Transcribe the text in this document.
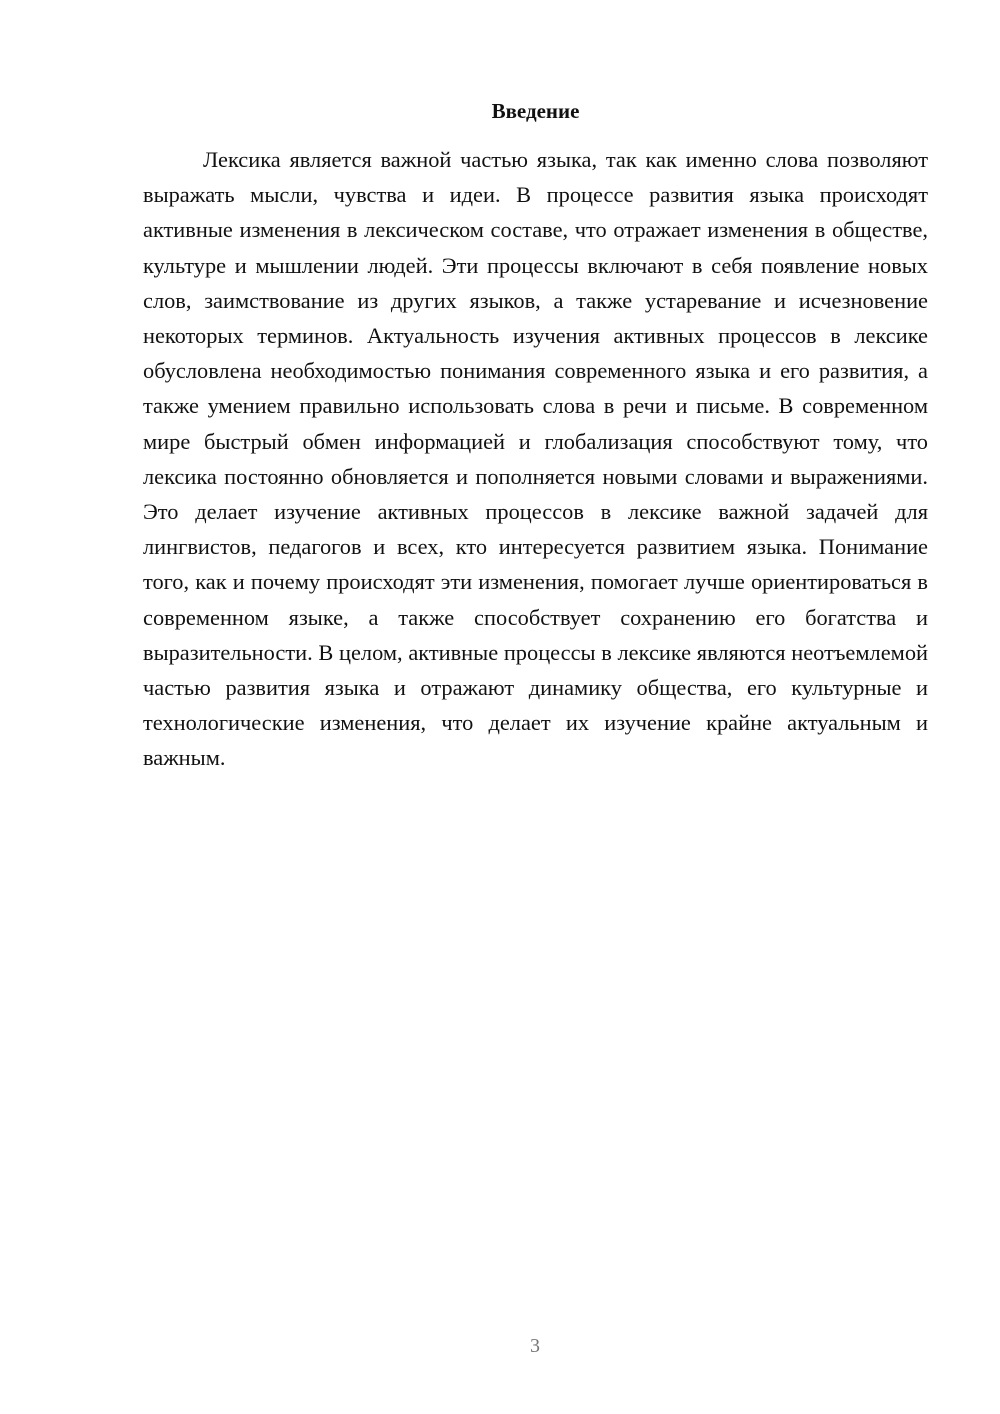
Введение

Лексика является важной частью языка, так как именно слова позволяют выражать мысли, чувства и идеи. В процессе развития языка происходят активные изменения в лексическом составе, что отражает изменения в обществе, культуре и мышлении людей. Эти процессы включают в себя появление новых слов, заимствование из других языков, а также устаревание и исчезновение некоторых терминов. Актуальность изучения активных процессов в лексике обусловлена необходимостью понимания современного языка и его развития, а также умением правильно использовать слова в речи и письме. В современном мире быстрый обмен информацией и глобализация способствуют тому, что лексика постоянно обновляется и пополняется новыми словами и выражениями. Это делает изучение активных процессов в лексике важной задачей для лингвистов, педагогов и всех, кто интересуется развитием языка. Понимание того, как и почему происходят эти изменения, помогает лучше ориентироваться в современном языке, а также способствует сохранению его богатства и выразительности. В целом, активные процессы в лексике являются неотъемлемой частью развития языка и отражают динамику общества, его культурные и технологические изменения, что делает их изучение крайне актуальным и важным.

3
